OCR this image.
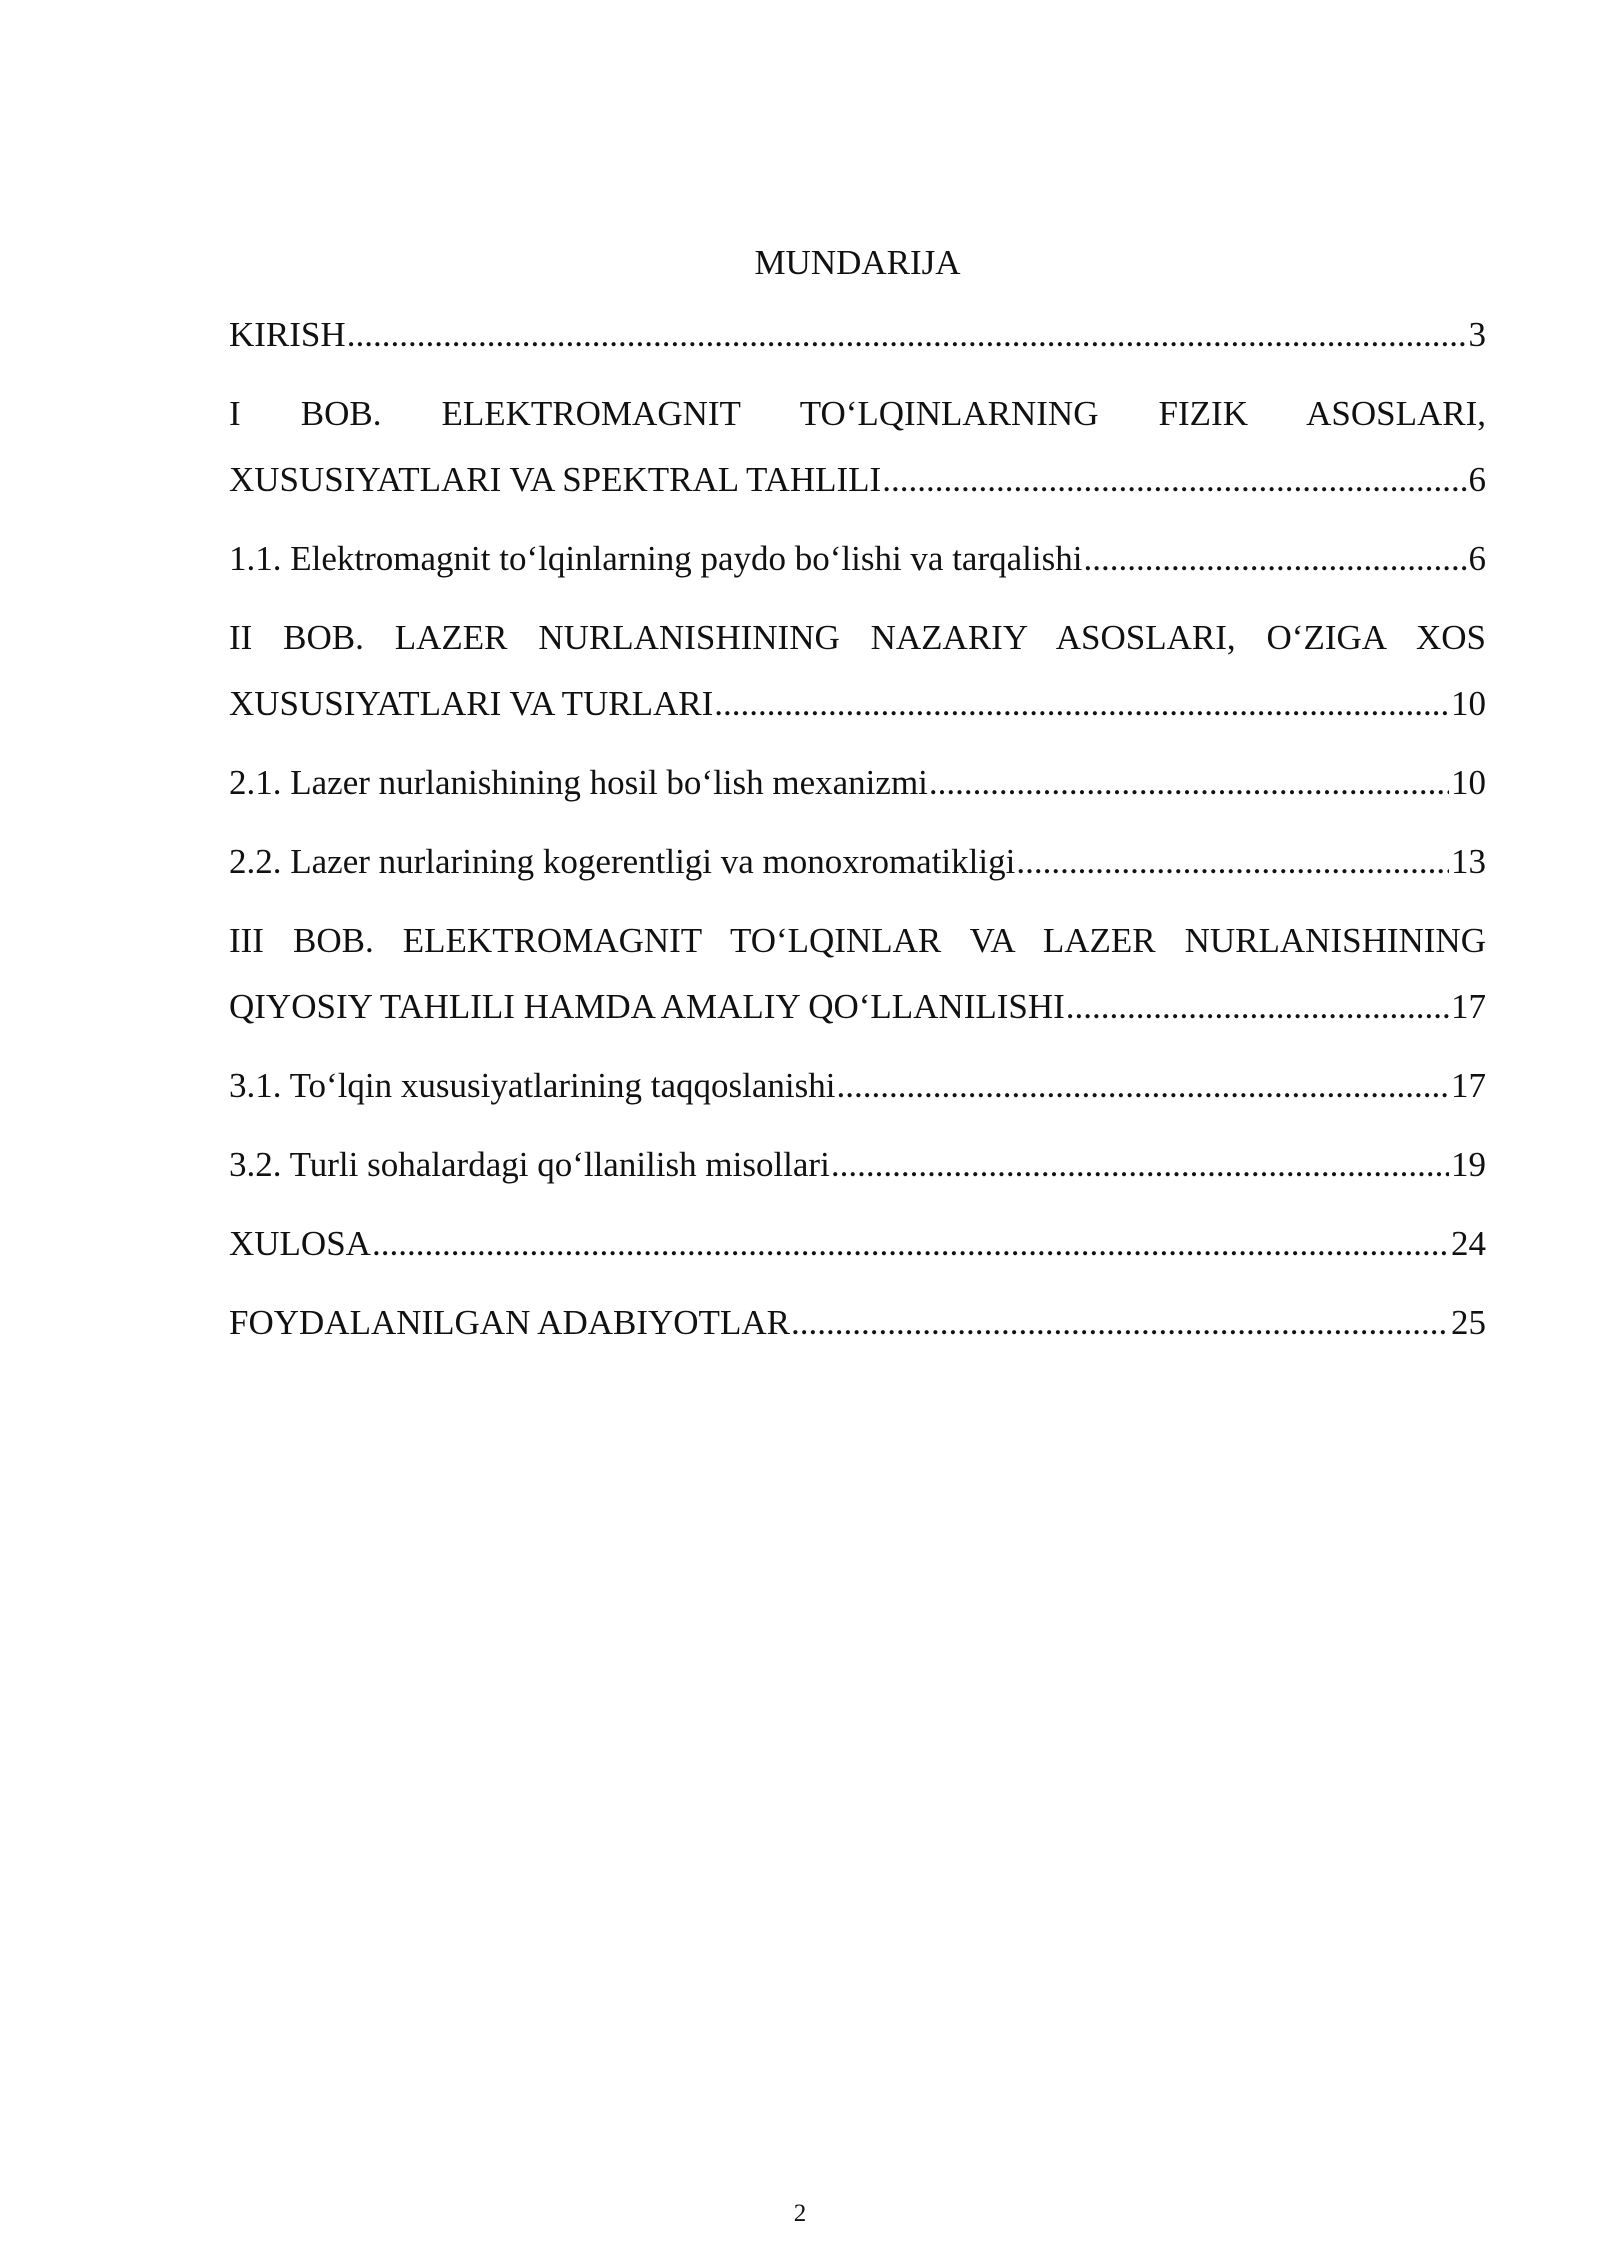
MUNDARIJA
KIRISH .....	3
I BOB. ELEKTROMAGNIT TO‘LQINLARNING FIZIK ASOSLARI,
XUSUSIYATLARI VA SPEKTRAL TAHLILI .....	6
1.1. Elektromagnit to‘lqinlarning paydo bo‘lishi va tarqalishi .....	6
II BOB. LAZER NURLANISHINING NAZARIY ASOSLARI, O‘ZIGA XOS
XUSUSIYATLARI VA TURLARI .....	10
2.1. Lazer nurlanishining hosil bo‘lish mexanizmi .....	10
2.2. Lazer nurlarining kogerentligi va monoxromatikligi .....	13
III BOB. ELEKTROMAGNIT TO‘LQINLAR VA LAZER NURLANISHINING
QIYOSIY TAHLILI HAMDA AMALIY QO‘LLANILISHI .....	17
3.1. To‘lqin xususiyatlarining taqqoslanishi .....	17
3.2. Turli sohalardagi qo‘llanilish misollari .....	19
XULOSA .....	24
FOYDALANILGAN ADABIYOTLAR .....	25
2
